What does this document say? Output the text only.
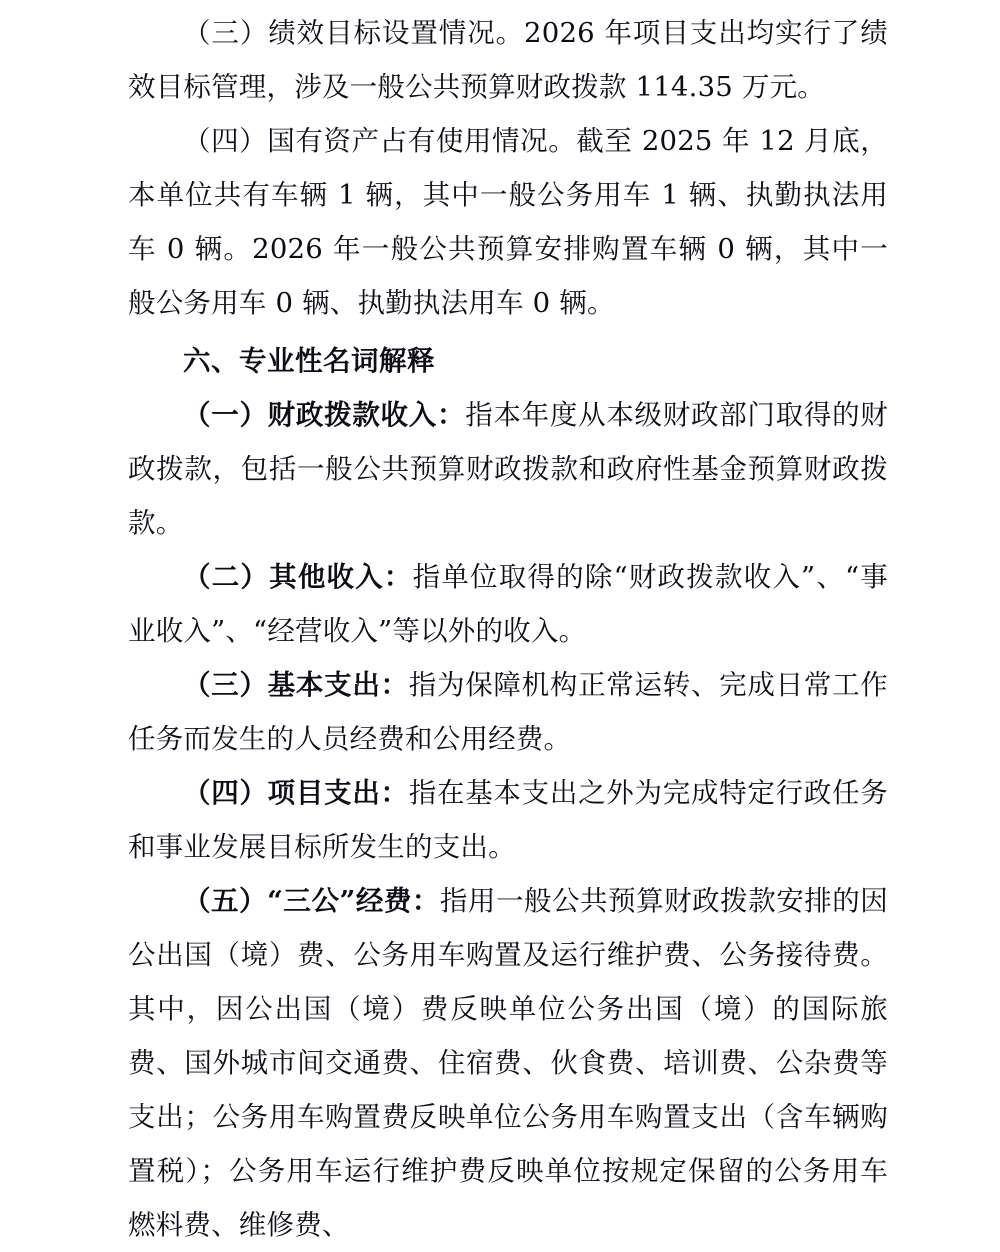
（三）绩效目标设置情况。2026 年项目支出均实行了绩效目标管理，涉及一般公共预算财政拨款 114.35 万元。

（四）国有资产占有使用情况。截至 2025 年 12 月底，本单位共有车辆 1 辆，其中一般公务用车 1 辆、执勤执法用车 0 辆。2026 年一般公共预算安排购置车辆 0 辆，其中一般公务用车 0 辆、执勤执法用车 0 辆。

六、专业性名词解释

（一）财政拨款收入：指本年度从本级财政部门取得的财政拨款，包括一般公共预算财政拨款和政府性基金预算财政拨款。

（二）其他收入：指单位取得的除“财政拨款收入”、“事业收入”、“经营收入”等以外的收入。

（三）基本支出：指为保障机构正常运转、完成日常工作任务而发生的人员经费和公用经费。

（四）项目支出：指在基本支出之外为完成特定行政任务和事业发展目标所发生的支出。

（五）“三公”经费：指用一般公共预算财政拨款安排的因公出国（境）费、公务用车购置及运行维护费、公务接待费。其中，因公出国（境）费反映单位公务出国（境）的国际旅费、国外城市间交通费、住宿费、伙食费、培训费、公杂费等支出；公务用车购置费反映单位公务用车购置支出（含车辆购置税）；公务用车运行维护费反映单位按规定保留的公务用车燃料费、维修费、
